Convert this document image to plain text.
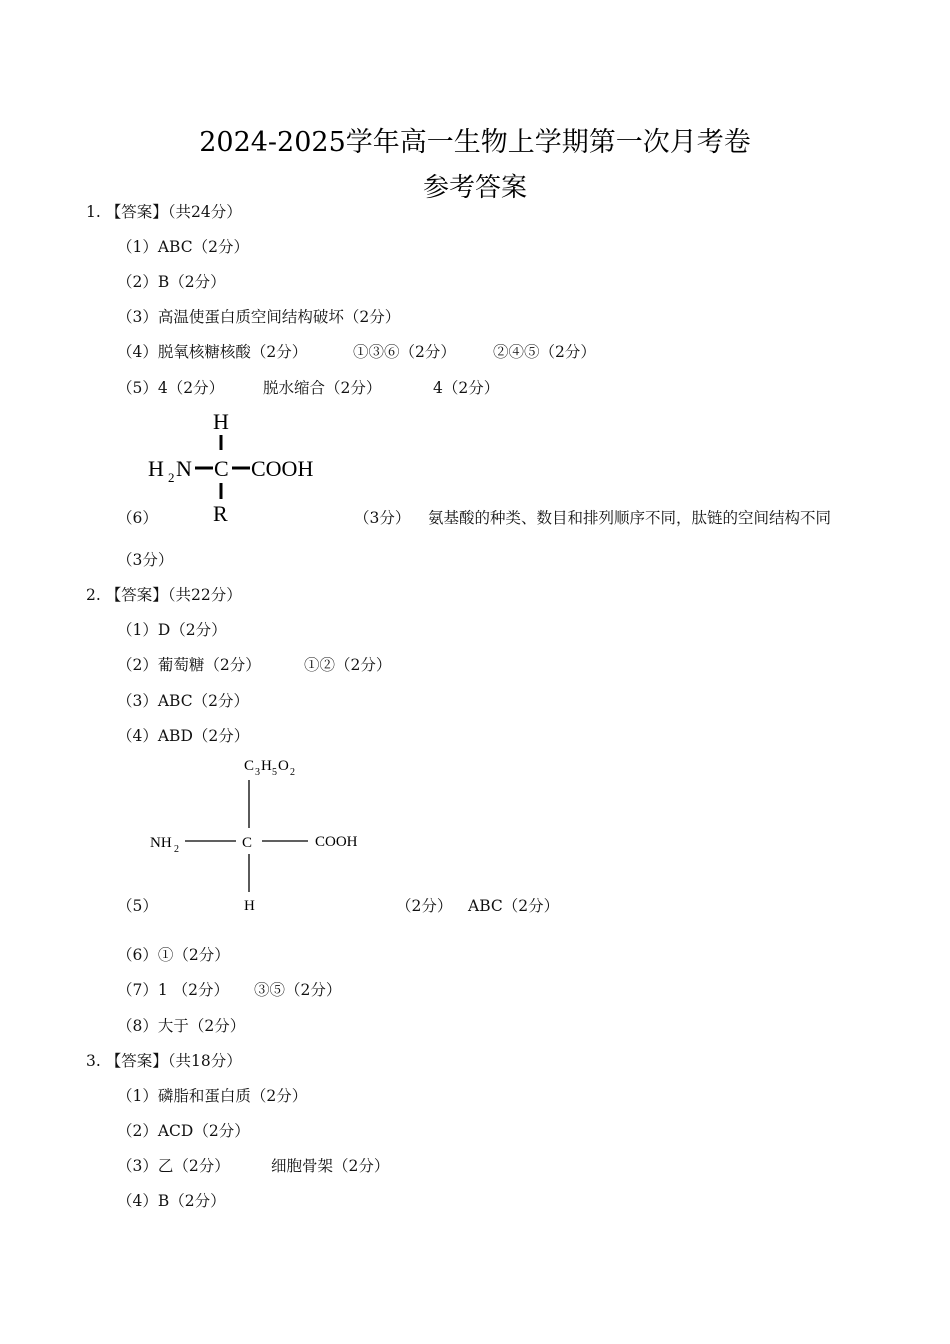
2024-2025学年高一生物上学期第一次月考卷
参考答案
1. 【答案】（共24分）
（1）ABC（2分）
（2）B（2分）
（3）高温使蛋白质空间结构破坏（2分）
（4）脱氧核糖核酸（2分）	①③⑥（2分） ②④⑤（2分）
（5）4（2分）	脱水缩合（2分）	4（2分）
H
H 2 N C COOH
R
（6）	（3分） 氨基酸的种类、数目和排列顺序不同，肽链的空间结构不同
（3分）
2. 【答案】（共22分）
（1）D（2分）
（2）葡萄糖（2分）	①②（2分）
（3）ABC（2分）
（4）ABD（2分）
C 3 H 5 O 2
NH 2	C	COOH
H
（5）	（2分） ABC（2分）
（6）①（2分）
（7）1 （2分） ③⑤（2分）
（8）大于（2分）
3. 【答案】（共18分）
（1）磷脂和蛋白质（2分）
（2）ACD（2分）
（3）乙（2分）	细胞骨架（2分）
（4）B（2分）
